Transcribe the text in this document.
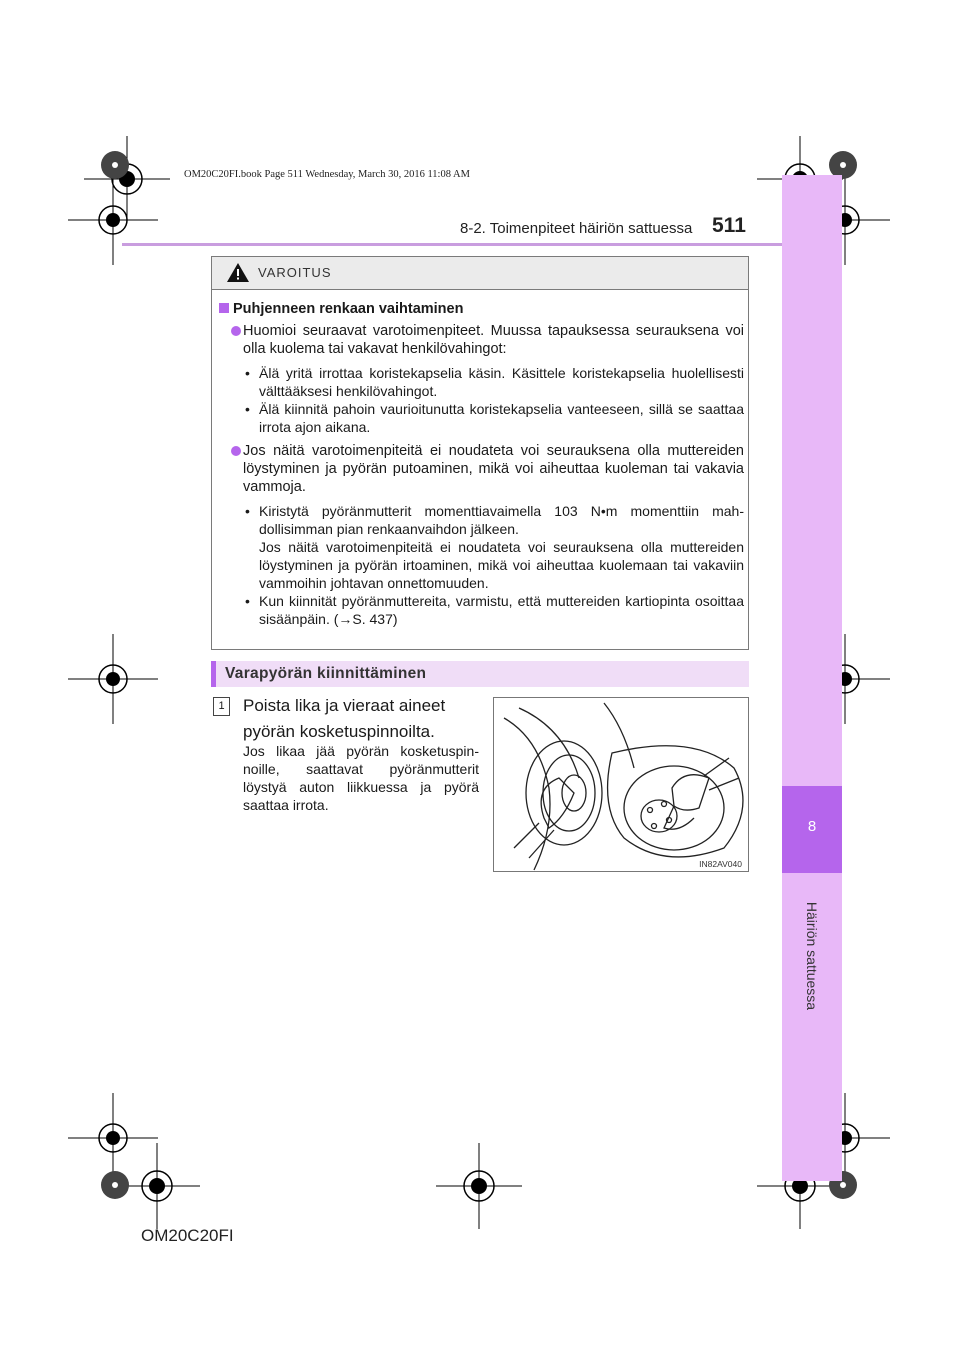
OM20C20FI.book Page 511 Wednesday, March 30, 2016 11:08 AM
8-2. Toimenpiteet häiriön sattuessa 511
8
Häiriön sattuessa
VAROITUS
Puhjenneen renkaan vaihtaminen
Huomioi seuraavat varotoimenpiteet. Muussa tapauksessa seurauksena voi olla kuolema tai vakavat henkilövahingot:
• Älä yritä irrottaa koristekapselia käsin. Käsittele koristekapselia huolellisesti välttääksesi henkilövahingot.
• Älä kiinnitä pahoin vaurioitunutta koristekapselia vanteeseen, sillä se saattaa irrota ajon aikana.
Jos näitä varotoimenpiteitä ei noudateta voi seurauksena olla muttereiden löystyminen ja pyörän putoaminen, mikä voi aiheuttaa kuoleman tai vakavia vammoja.
• Kiristytä pyöränmutterit momenttiavaimella 103 N•m momenttiin mahdollisimman pian renkaanvaihdon jälkeen.
Jos näitä varotoimenpiteitä ei noudateta voi seurauksena olla muttereiden löystyminen ja pyörän irtoaminen, mikä voi aiheuttaa kuolemaan tai vakaviin vammoihin johtavan onnettomuuden.
• Kun kiinnität pyöränmuttereita, varmistu, että muttereiden kartiopinta osoittaa sisäänpäin. (→S. 437)
Varapyörän kiinnittäminen
1	Poista lika ja vieraat aineet pyörän kosketuspinnoilta.
Jos likaa jää pyörän kosketuspinnoille, saattavat pyöränmutterit löystyä auton liikkuessa ja pyörä saattaa irrota.
IN82AV040
OM20C20FI
